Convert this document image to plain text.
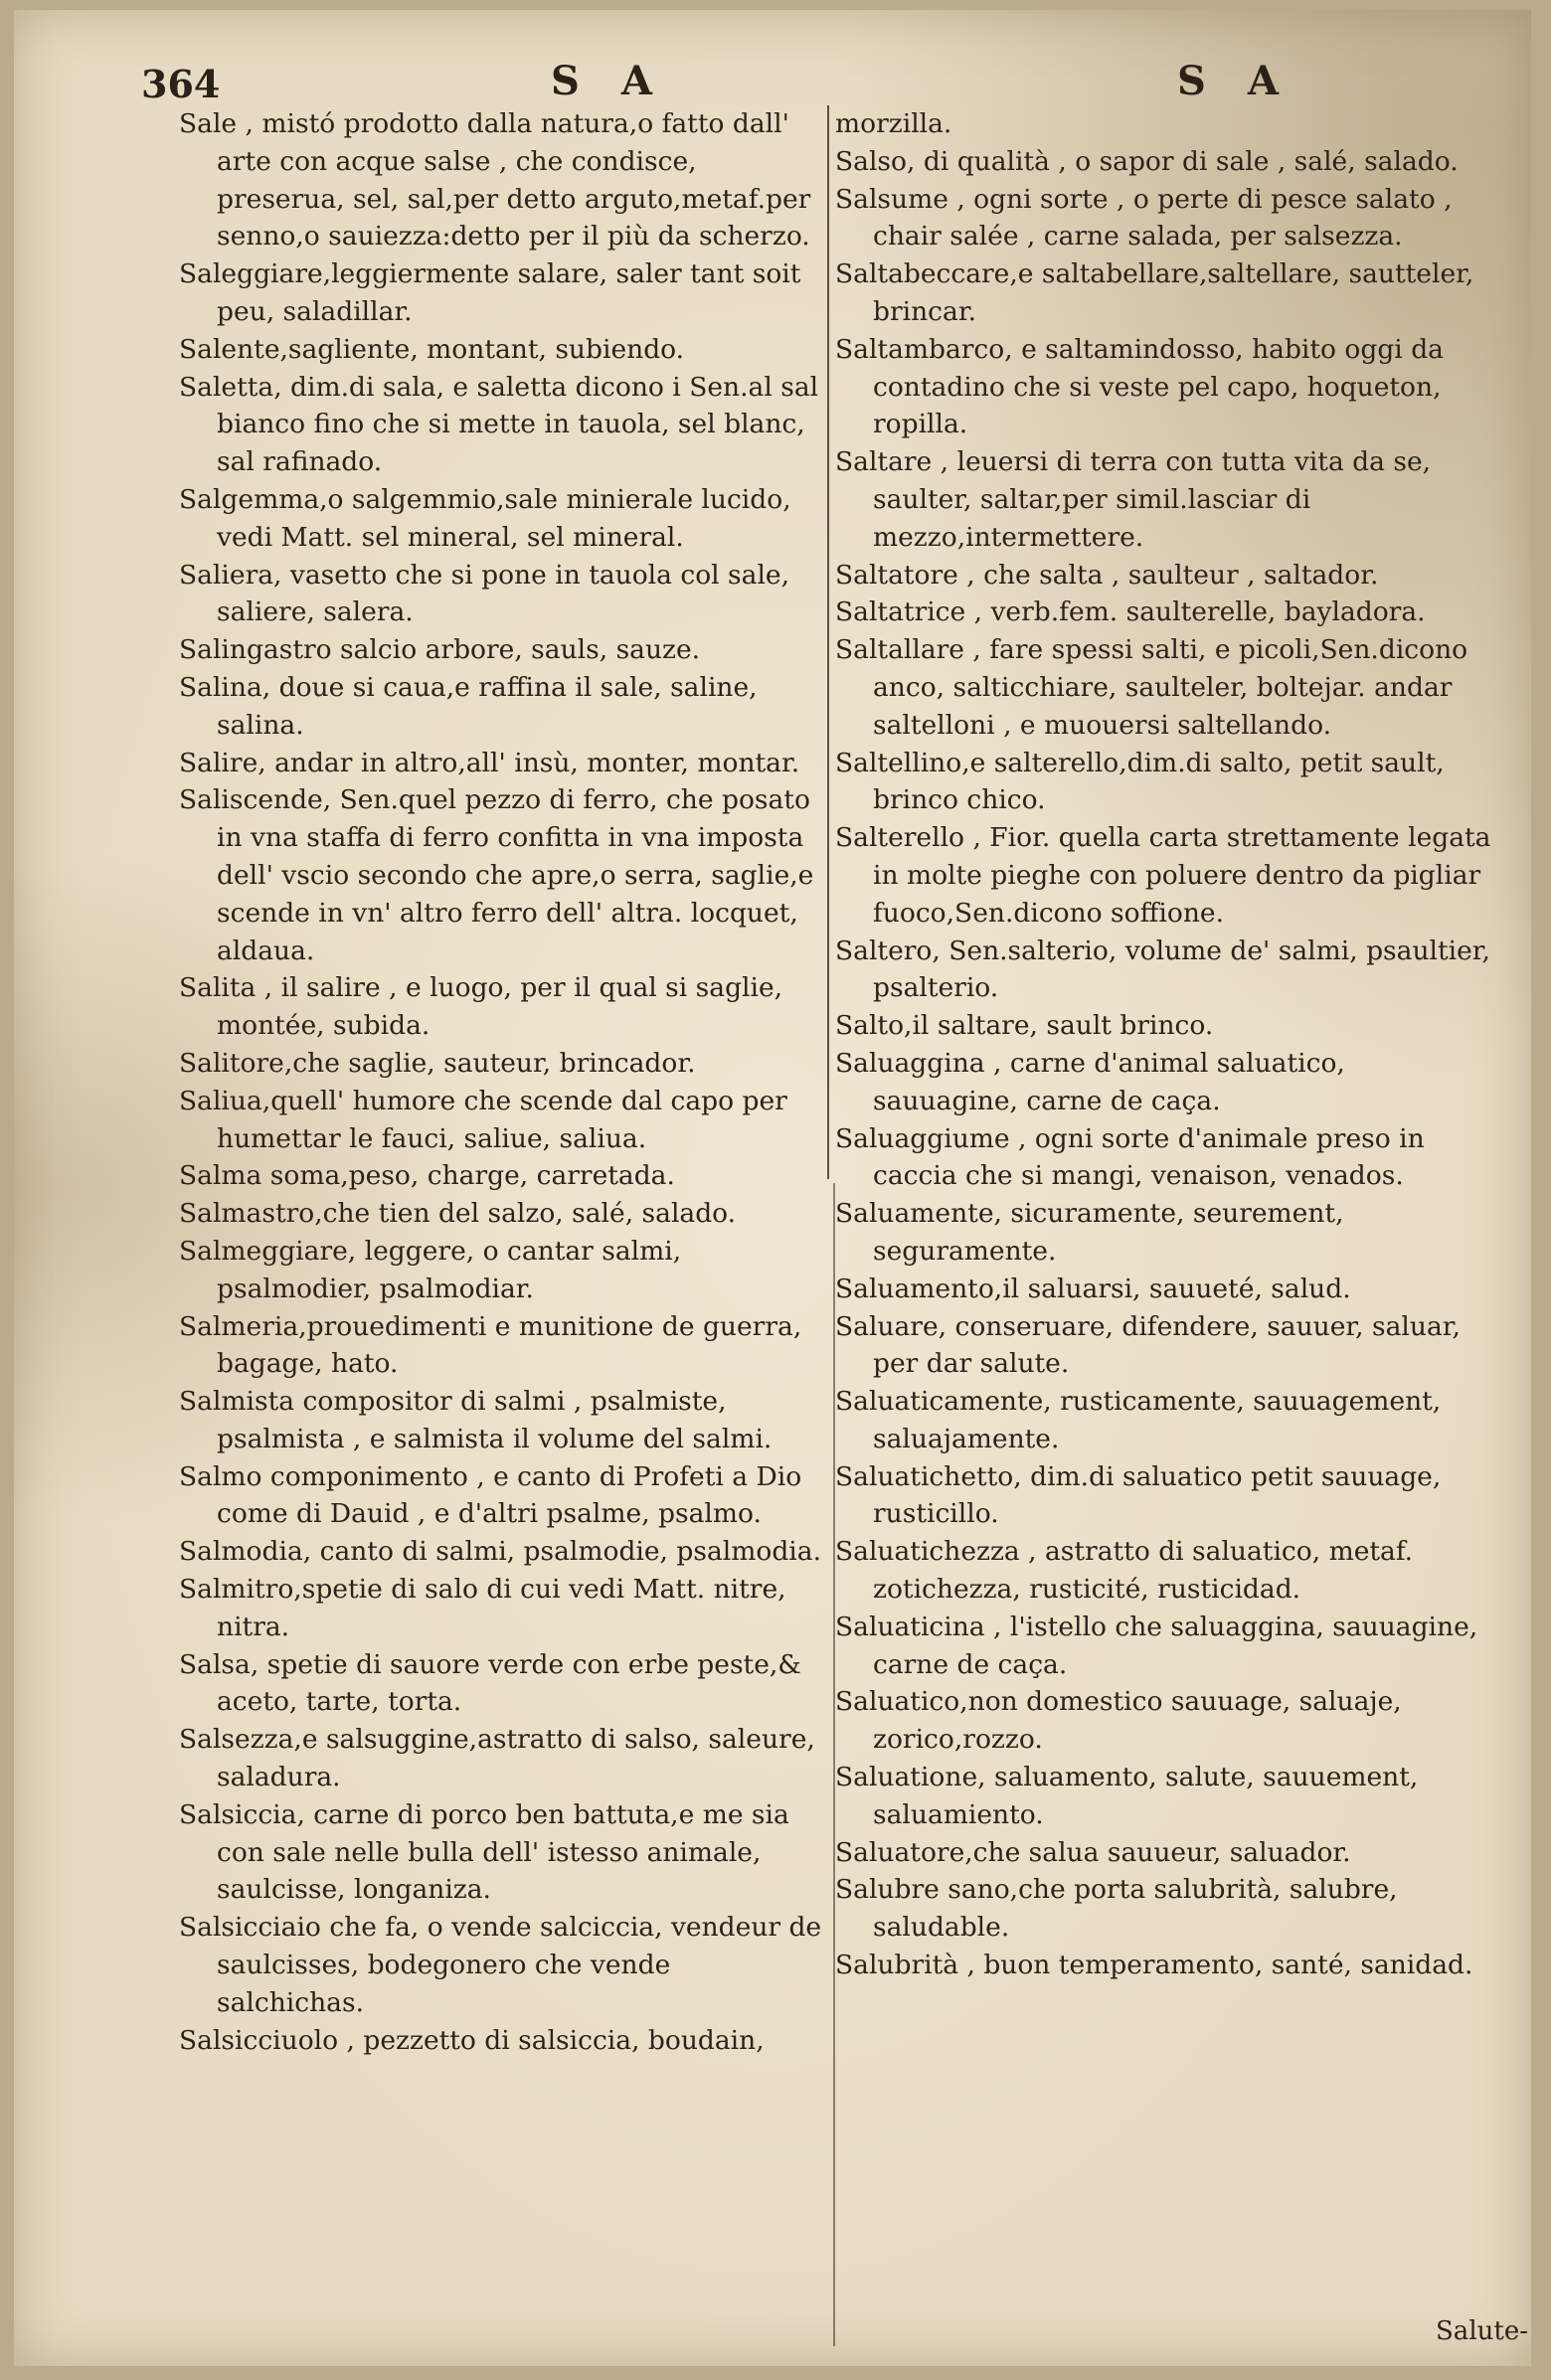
364	S A	S A

Sale , mistó prodotto dalla natura,o fatto dall' arte con acque salse , che condisce, preserua, sel, sal,per detto arguto,metaf.per senno,o sauiezza:detto per il più da scherzo.

Saleggiare,leggiermente salare, saler tant soit peu, saladillar.

Salente,sagliente, montant, subiendo.

Saletta, dim.di sala, e saletta dicono i Sen.al sal bianco fino che si mette in tauola, sel blanc, sal rafinado.

Salgemma,o salgemmio,sale minierale lucido, vedi Matt. sel mineral, sel mineral.

Saliera, vasetto che si pone in tauola col sale, saliere, salera.

Salingastro salcio arbore, sauls, sauze.

Salina, doue si caua,e raffina il sale, saline, salina.

Salire, andar in altro,all' insù, monter, montar.

Saliscende, Sen.quel pezzo di ferro, che posato in vna staffa di ferro confitta in vna imposta dell' vscio secondo che apre,o serra, saglie,e scende in vn' altro ferro dell' altra. locquet, aldaua.

Salita , il salire , e luogo, per il qual si saglie, montée, subida.

Salitore,che saglie, sauteur, brincador.

Saliua,quell' humore che scende dal capo per humettar le fauci, saliue, saliua.

Salma soma,peso, charge, carretada.

Salmastro,che tien del salzo, salé, salado.

Salmeggiare, leggere, o cantar salmi, psalmodier, psalmodiar.

Salmeria,prouedimenti e munitione de guerra, bagage, hato.

Salmista compositor di salmi , psalmiste, psalmista , e salmista il volume del salmi.

Salmo componimento , e canto di Profeti a Dio come di Dauid , e d'altri psalme, psalmo.

Salmodia, canto di salmi, psalmodie, psalmodia.

Salmitro,spetie di salo di cui vedi Matt. nitre, nitra.

Salsa, spetie di sauore verde con erbe peste,& aceto, tarte, torta.

Salsezza,e salsuggine,astratto di salso, saleure, saladura.

Salsiccia, carne di porco ben battuta,e me sia con sale nelle bulla dell' istesso animale, saulcisse, longaniza.

Salsicciaio che fa, o vende salciccia, vendeur de saulcisses, bodegonero che vende salchichas.

Salsicciuolo , pezzetto di salsiccia, boudain,

morzilla.

Salso, di qualità , o sapor di sale , salé, salado.

Salsume , ogni sorte , o perte di pesce salato , chair salée , carne salada, per salsezza.

Saltabeccare,e saltabellare,saltellare, sautteler, brincar.

Saltambarco, e saltamindosso, habito oggi da contadino che si veste pel capo, hoqueton, ropilla.

Saltare , leuersi di terra con tutta vita da se, saulter, saltar,per simil.lasciar di mezzo,intermettere.

Saltatore , che salta , saulteur , saltador.

Saltatrice , verb.fem. saulterelle, bayladora.

Saltallare , fare spessi salti, e picoli,Sen.dicono anco, salticchiare, saulteler, boltejar. andar saltelloni , e muouersi saltellando.

Saltellino,e salterello,dim.di salto, petit sault, brinco chico.

Salterello , Fior. quella carta strettamente legata in molte pieghe con poluere dentro da pigliar fuoco,Sen.dicono soffione.

Saltero, Sen.salterio, volume de' salmi, psaultier, psalterio.

Salto,il saltare, sault brinco.

Saluaggina , carne d'animal saluatico, sauuagine, carne de caça.

Saluaggiume , ogni sorte d'animale preso in caccia che si mangi, venaison, venados.

Saluamente, sicuramente, seurement, seguramente.

Saluamento,il saluarsi, sauueté, salud.

Saluare, conseruare, difendere, sauuer, saluar, per dar salute.

Saluaticamente, rusticamente, sauuagement, saluajamente.

Saluatichetto, dim.di saluatico petit sauuage, rusticillo.

Saluatichezza , astratto di saluatico, metaf. zotichezza, rusticité, rusticidad.

Saluaticina , l'istello che saluaggina, sauuagine, carne de caça.

Saluatico,non domestico sauuage, saluaje, zorico,rozzo.

Saluatione, saluamento, salute, sauuement, saluamiento.

Saluatore,che salua sauueur, saluador.

Salubre sano,che porta salubrità, salubre, saludable.

Salubrità , buon temperamento, santé, sanidad.

Salute-
